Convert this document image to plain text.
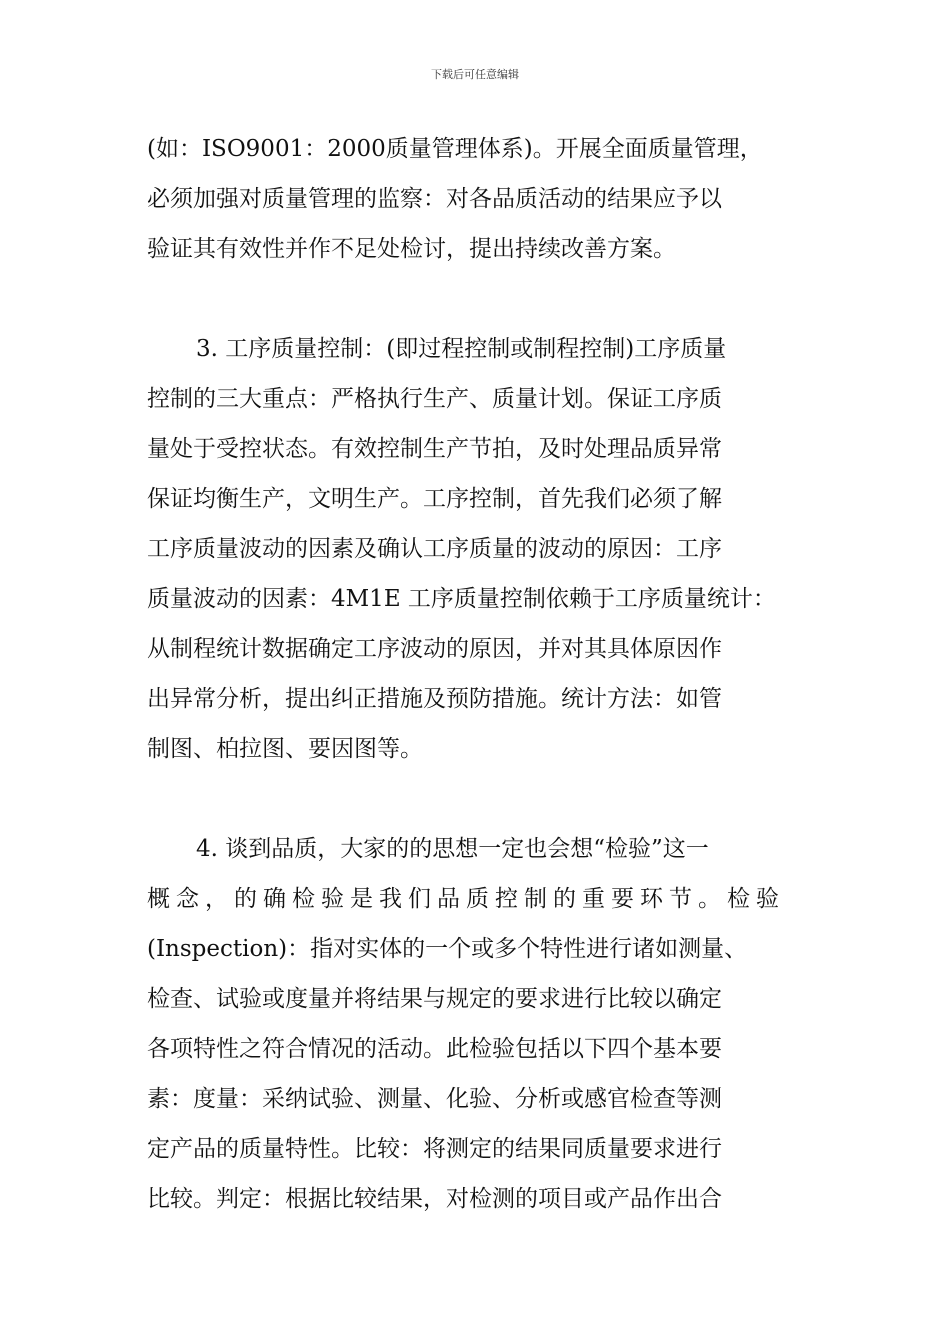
下载后可任意编辑

(如：ISO9001：2000质量管理体系)。开展全面质量管理，

必须加强对质量管理的监察：对各品质活动的结果应予以

验证其有效性并作不足处检讨，提出持续改善方案。

3. 工序质量控制：(即过程控制或制程控制)工序质量

控制的三大重点：严格执行生产、质量计划。保证工序质

量处于受控状态。有效控制生产节拍，及时处理品质异常

保证均衡生产，文明生产。工序控制，首先我们必须了解

工序质量波动的因素及确认工序质量的波动的原因：工序

质量波动的因素：4M1E 工序质量控制依赖于工序质量统计：

从制程统计数据确定工序波动的原因，并对其具体原因作

出异常分析，提出纠正措施及预防措施。统计方法：如管

制图、柏拉图、要因图等。

4. 谈到品质，大家的的思想一定也会想“检验”这一

概念，的确检验是我们品质控制的重要环节。检验

(Inspection)：指对实体的一个或多个特性进行诸如测量、

检查、试验或度量并将结果与规定的要求进行比较以确定

各项特性之符合情况的活动。此检验包括以下四个基本要

素：度量：采纳试验、测量、化验、分析或感官检查等测

定产品的质量特性。比较：将测定的结果同质量要求进行

比较。判定：根据比较结果，对检测的项目或产品作出合
